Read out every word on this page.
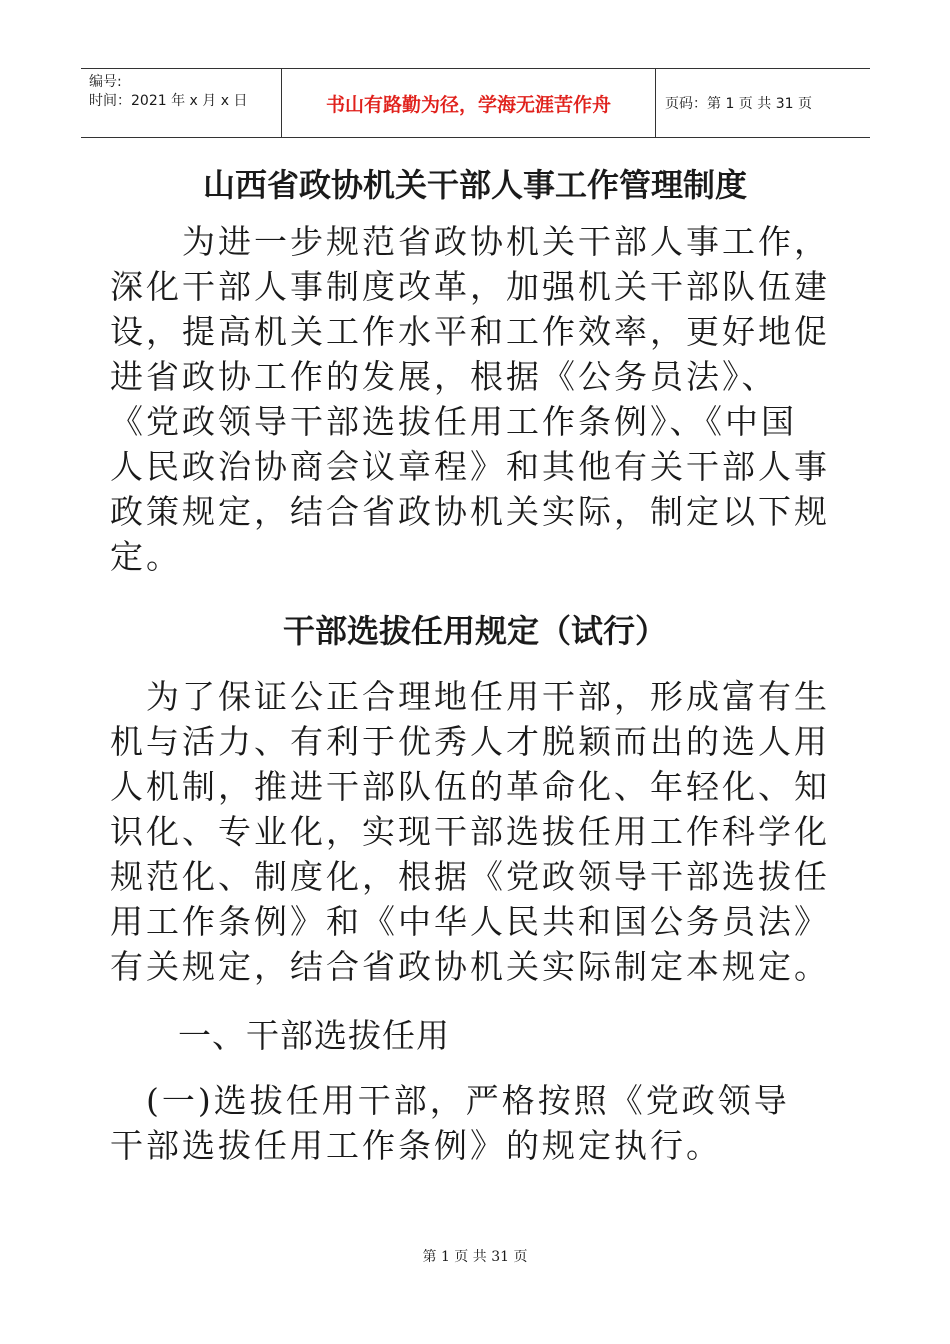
编号:
时间：2021 年 x 月 x 日	书山有路勤为径，学海无涯苦作舟	页码：第 1 页 共 31 页
山西省政协机关干部人事工作管理制度
　　为进一步规范省政协机关干部人事工作，
深化干部人事制度改革，加强机关干部队伍建
设，提高机关工作水平和工作效率，更好地促
进省政协工作的发展，根据《公务员法》、
《党政领导干部选拔任用工作条例》、《中国
人民政治协商会议章程》和其他有关干部人事
政策规定，结合省政协机关实际，制定以下规
定。
干部选拔任用规定（试行）
　为了保证公正合理地任用干部，形成富有生
机与活力、有利于优秀人才脱颖而出的选人用
人机制，推进干部队伍的革命化、年轻化、知
识化、专业化，实现干部选拔任用工作科学化
规范化、制度化，根据《党政领导干部选拔任
用工作条例》和《中华人民共和国公务员法》
有关规定，结合省政协机关实际制定本规定。
一、干部选拔任用
　(一)选拔任用干部，严格按照《党政领导
干部选拔任用工作条例》的规定执行。
第 1 页 共 31 页
